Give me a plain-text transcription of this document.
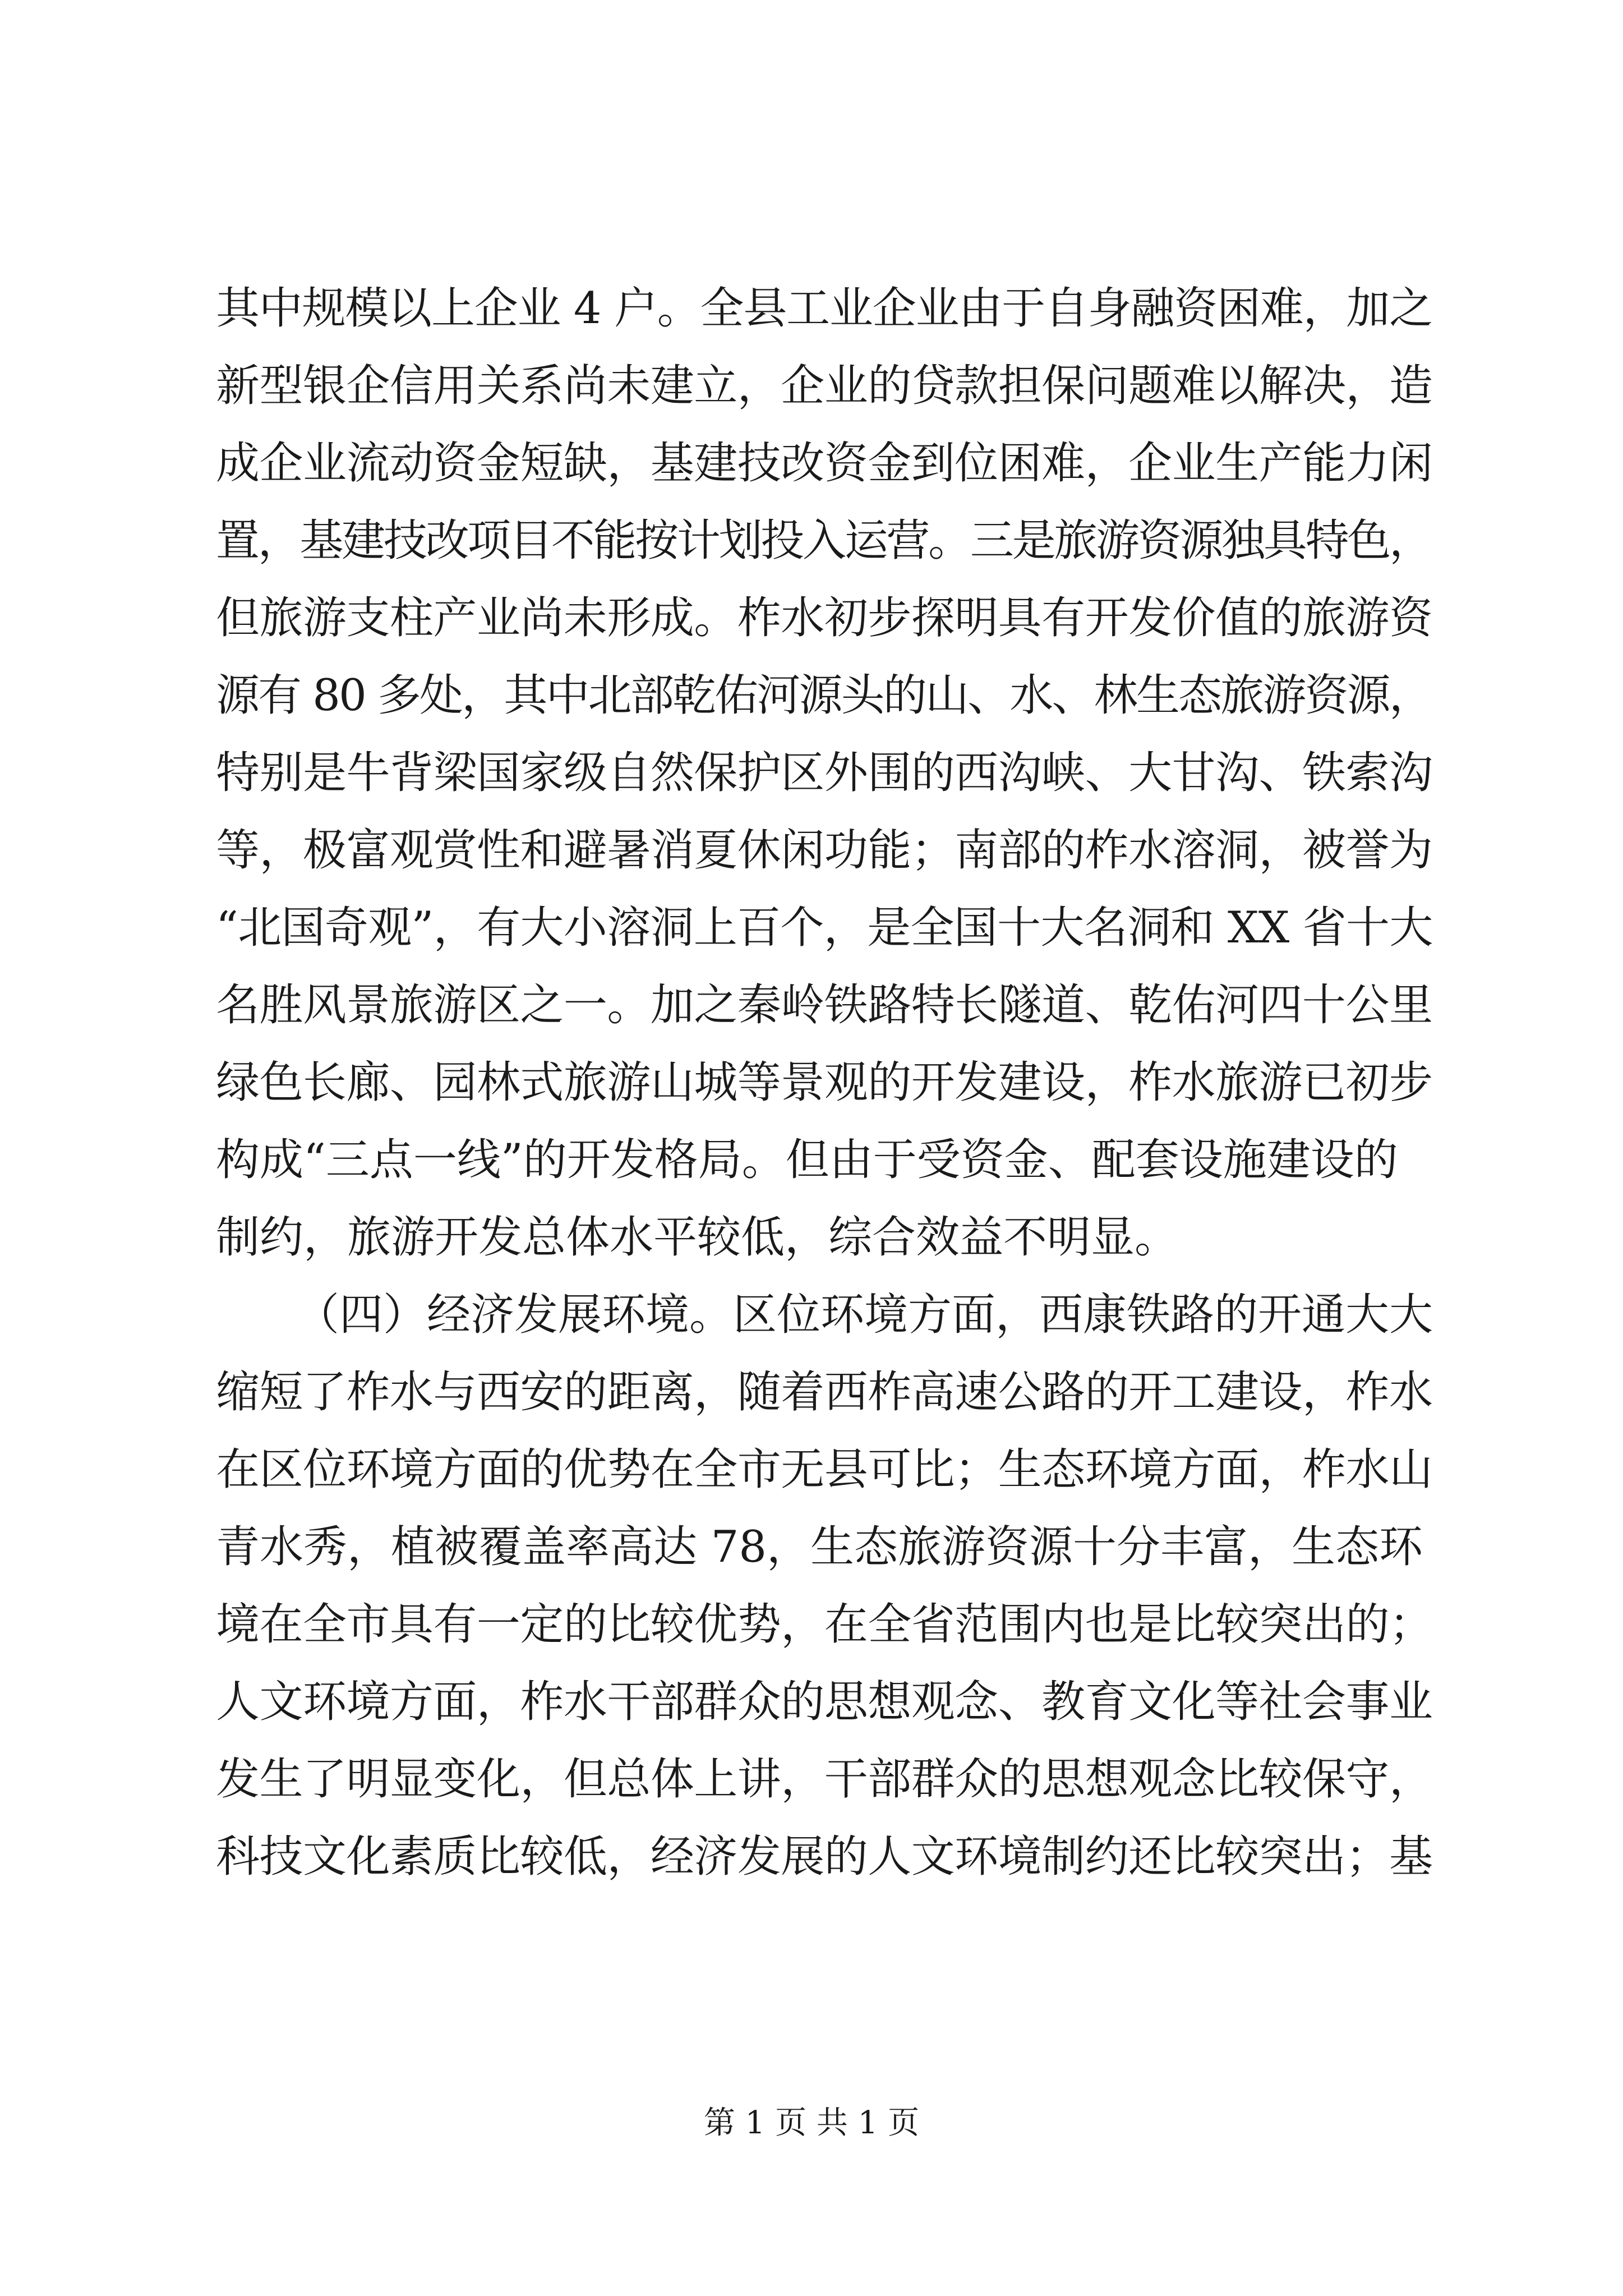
其中规模以上企业 4 户。全县工业企业由于自身融资困难，加之
新型银企信用关系尚未建立，企业的贷款担保问题难以解决，造
成企业流动资金短缺，基建技改资金到位困难，企业生产能力闲
置，基建技改项目不能按计划投入运营。三是旅游资源独具特色，
但旅游支柱产业尚未形成。柞水初步探明具有开发价值的旅游资
源有 80 多处，其中北部乾佑河源头的山、水、林生态旅游资源，
特别是牛背梁国家级自然保护区外围的西沟峡、大甘沟、铁索沟
等，极富观赏性和避暑消夏休闲功能；南部的柞水溶洞，被誉为
“北国奇观”，有大小溶洞上百个，是全国十大名洞和 XX 省十大
名胜风景旅游区之一。加之秦岭铁路特长隧道、乾佑河四十公里
绿色长廊、园林式旅游山城等景观的开发建设，柞水旅游已初步
构成“三点一线”的开发格局。但由于受资金、配套设施建设的
制约，旅游开发总体水平较低，综合效益不明显。
（四）经济发展环境。区位环境方面，西康铁路的开通大大
缩短了柞水与西安的距离，随着西柞高速公路的开工建设，柞水
在区位环境方面的优势在全市无县可比；生态环境方面，柞水山
青水秀，植被覆盖率高达 78，生态旅游资源十分丰富，生态环
境在全市具有一定的比较优势，在全省范围内也是比较突出的；
人文环境方面，柞水干部群众的思想观念、教育文化等社会事业
发生了明显变化，但总体上讲，干部群众的思想观念比较保守，
科技文化素质比较低，经济发展的人文环境制约还比较突出；基
第 1 页 共 1 页
